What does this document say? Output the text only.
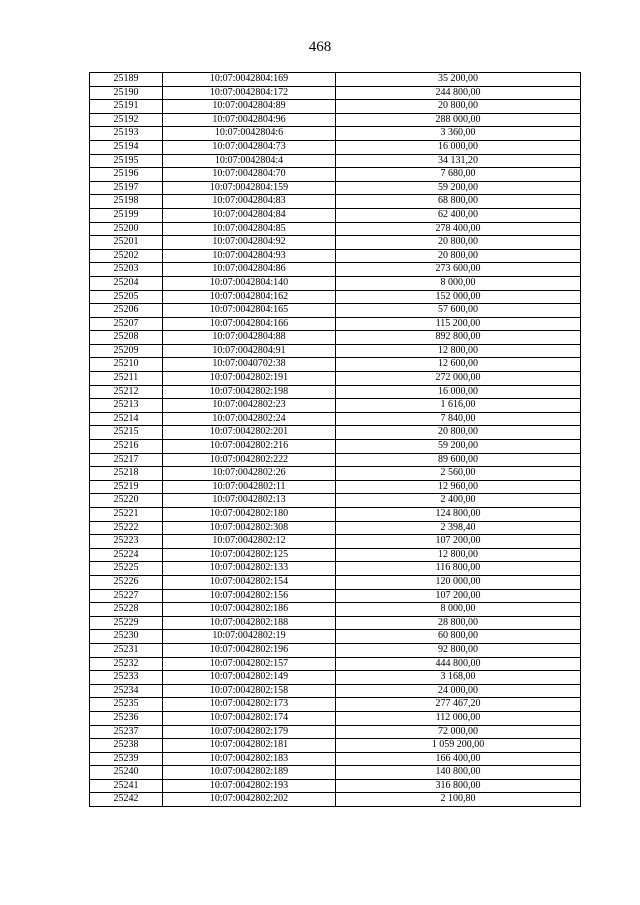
468
25189	10:07:0042804:169	35 200,00
25190	10:07:0042804:172	244 800,00
25191	10:07:0042804:89	20 800,00
25192	10:07:0042804:96	288 000,00
25193	10:07:0042804:6	3 360,00
25194	10:07:0042804:73	16 000,00
25195	10:07:0042804:4	34 131,20
25196	10:07:0042804:70	7 680,00
25197	10:07:0042804:159	59 200,00
25198	10:07:0042804:83	68 800,00
25199	10:07:0042804:84	62 400,00
25200	10:07:0042804:85	278 400,00
25201	10:07:0042804:92	20 800,00
25202	10:07:0042804:93	20 800,00
25203	10:07:0042804:86	273 600,00
25204	10:07:0042804:140	8 000,00
25205	10:07:0042804:162	152 000,00
25206	10:07:0042804:165	57 600,00
25207	10:07:0042804:166	115 200,00
25208	10:07:0042804:88	892 800,00
25209	10:07:0042804:91	12 800,00
25210	10:07:0040702:38	12 600,00
25211	10:07:0042802:191	272 000,00
25212	10:07:0042802:198	16 000,00
25213	10:07:0042802:23	1 616,00
25214	10:07:0042802:24	7 840,00
25215	10:07:0042802:201	20 800,00
25216	10:07:0042802:216	59 200,00
25217	10:07:0042802:222	89 600,00
25218	10:07:0042802:26	2 560,00
25219	10:07:0042802:11	12 960,00
25220	10:07:0042802:13	2 400,00
25221	10:07:0042802:180	124 800,00
25222	10:07:0042802:308	2 398,40
25223	10:07:0042802:12	107 200,00
25224	10:07:0042802:125	12 800,00
25225	10:07:0042802:133	116 800,00
25226	10:07:0042802:154	120 000,00
25227	10:07:0042802:156	107 200,00
25228	10:07:0042802:186	8 000,00
25229	10:07:0042802:188	28 800,00
25230	10:07:0042802:19	60 800,00
25231	10:07:0042802:196	92 800,00
25232	10:07:0042802:157	444 800,00
25233	10:07:0042802:149	3 168,00
25234	10:07:0042802:158	24 000,00
25235	10:07:0042802:173	277 467,20
25236	10:07:0042802:174	112 000,00
25237	10:07:0042802:179	72 000,00
25238	10:07:0042802:181	1 059 200,00
25239	10:07:0042802:183	166 400,00
25240	10:07:0042802:189	140 800,00
25241	10:07:0042802:193	316 800,00
25242	10:07:0042802:202	2 100,80
